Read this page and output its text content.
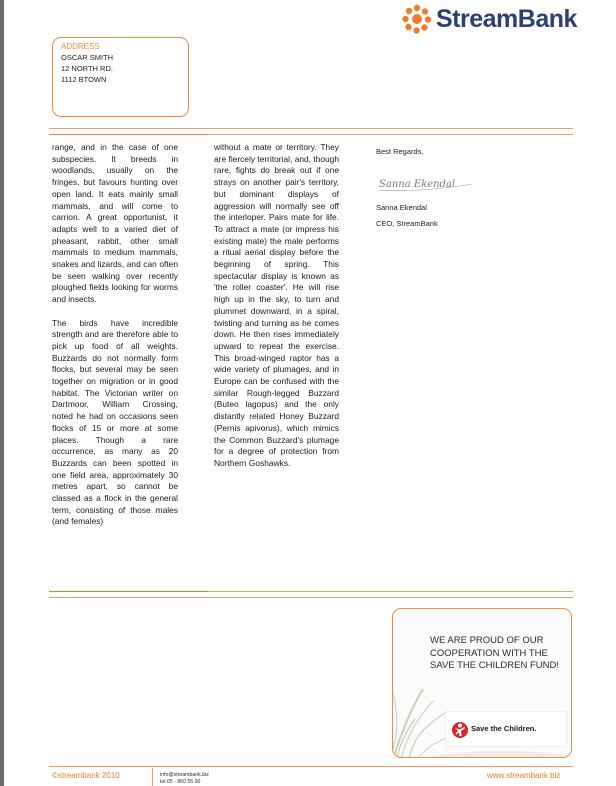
StreamBank
ADDRESS
OSCAR SMITH
12 NORTH RD.
1112 BTOWN

range, and in the case of one subspecies. It breeds in woodlands, usually on the fringes, but favours hunting over open land. It eats mainly small mammals, and will come to carrion. A great opportunist, it adapts well to a varied diet of pheasant, rabbit, other small mammals to medium mammals, snakes and lizards, and can often be seen walking over recently ploughed fields looking for worms and insects.

The birds have incredible strength and are therefore able to pick up food of all weights. Buzzards do not normally form flocks, but several may be seen together on migration or in good habitat. The Victorian writer on Dartmoor, William Crossing, noted he had on occasions seen flocks of 15 or more at some places. Though a rare occurrence, as many as 20 Buzzards can been spotted in one field area, approximately 30 metres apart, so cannot be classed as a flock in the general term, consisting of those males (and females)

without a mate or territory. They are fiercely territorial, and, though rare, fights do break out if one strays on another pair's territory, but dominant displays of aggression will normally see off the interloper. Pairs mate for life. To attract a mate (or impress his existing mate) the male performs a ritual aerial display before the beginning of spring. This spectacular display is known as 'the roller coaster'. He will rise high up in the sky, to turn and plummet downward, in a spiral, twisting and turning as he comes down. He then rises immediately upward to repeat the exercise. This broad-winged raptor has a wide variety of plumages, and in Europe can be confused with the similar Rough-legged Buzzard (Buteo lagopus) and the only distantly related Honey Buzzard (Pernis apivorus), which mimics the Common Buzzard's plumage for a degree of protection from Northern Goshawks.

Best Regards,
Sanna Ekendal
Sanna Ekendal
CEO, StreamBank
WE ARE PROUD OF OUR
COOPERATION WITH THE
SAVE THE CHILDREN FUND!
Save the Children.
©streambank 2010	info@streambank.biz
tel 05 - 860 55 00
www.streambank.biz
